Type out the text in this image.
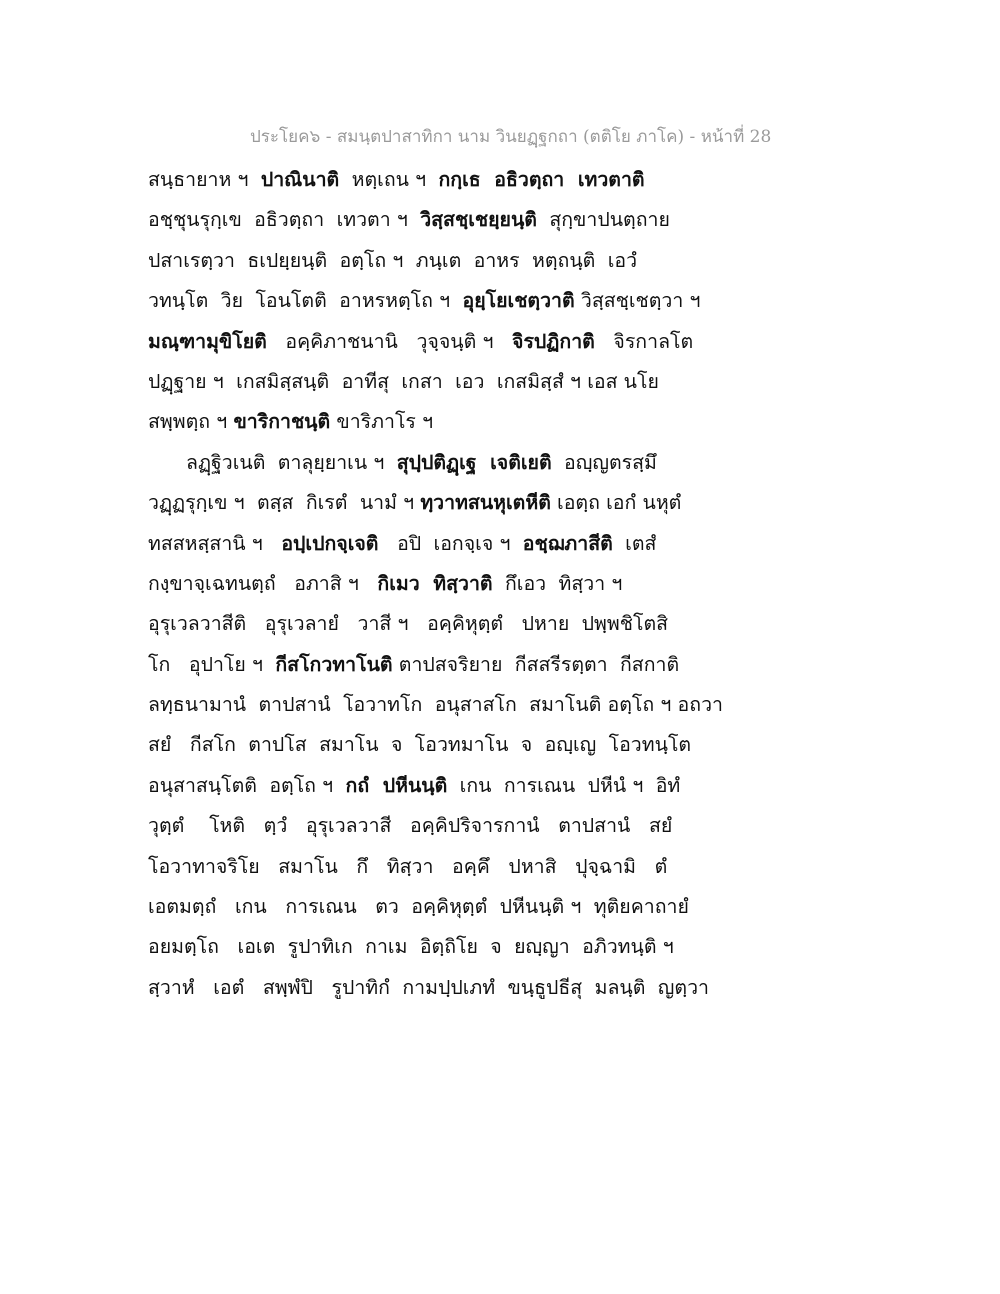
ประโยค๖ - สมนฺตปาสาทิกา นาม วินยฏฺฐกถา (ตติโย ภาโค) - หน้าที่ 28
สนฺธายาห ฯ  ปาณินาติ  หตฺเถน ฯ  กกฺเธ  อธิวตฺถา  เทวตาติ
อชฺชุนรุกฺเข  อธิวตฺถา  เทวตา ฯ  วิสฺสชฺเชยฺยนฺติ  สุกฺขาปนตฺถาย
ปสาเรตฺวา  ธเปยฺยนฺติ  อตฺโถ ฯ  ภนฺเต  อาหร  หตฺถนฺติ  เอวํ
วทนฺโต  วิย  โอนโตติ  อาหรหตฺโถ ฯ  อุยฺโยเชตฺวาติ วิสฺสชฺเชตฺวา ฯ
มณฺฑามุขิโยติ   อคฺคิภาชนานิ   วุจฺจนฺติ ฯ   จิรปฏิกาติ   จิรกาลโต
ปฏฺฐาย ฯ  เกสมิสฺสนฺติ  อาทีสุ  เกสา  เอว  เกสมิสฺสํ ฯ เอส นโย
สพฺพตฺถ ฯ ขาริกาชนฺติ ขาริภาโร ฯ
ลฏฺฐิวเนติ  ตาลุยฺยาเน ฯ  สุปฺปติฏฺเฐ  เจติเยติ  อญฺญตรสฺมึ
วฏฺฏรุกฺเข ฯ  ตสฺส  กิเรตํ  นามํ ฯ ทฺวาทสนหุเตหีติ เอตฺถ เอกํ นหุตํ
ทสสหสฺสานิ ฯ   อปฺเปกจฺเจติ   อปิ  เอกจฺเจ ฯ  อชฺฌภาสีติ  เตสํ
กงฺขาจฺเฉทนตฺถํ   อภาสิ ฯ   กิเมว  ทิสฺวาติ  กึเอว  ทิสฺวา ฯ
อุรุเวลวาสีติ   อุรุเวลายํ   วาสี ฯ   อคฺคิหุตฺตํ   ปหาย  ปพฺพชิโตสิ
โก   อุปาโย ฯ  กีสโกวทาโนติ ตาปสจริยาย  กีสสรีรตฺตา  กีสกาติ
ลทฺธนามานํ  ตาปสานํ  โอวาทโก  อนุสาสโก  สมาโนติ อตฺโถ ฯ อถวา
สยํ   กีสโก  ตาปโส  สมาโน  จ  โอวทมาโน  จ  อญฺเญ  โอวทนฺโต
อนุสาสนฺโตติ  อตฺโถ ฯ  กถํ  ปหีนนฺติ  เกน  การเณน  ปหีนํ ฯ  อิทํ
วุตฺตํ    โหติ   ตฺวํ   อุรุเวลวาสี   อคฺคิปริจารกานํ   ตาปสานํ   สยํ
โอวาทาจริโย   สมาโน   กึ   ทิสฺวา   อคฺคึ   ปหาสิ   ปุจฺฉามิ   ตํ
เอตมตฺถํ   เกน   การเณน   ตว  อคฺคิหุตฺตํ  ปหีนนฺติ ฯ  ทุติยคาถายํ
อยมตฺโถ   เอเต  รูปาทิเก  กาเม  อิตฺถิโย  จ  ยญฺญา  อภิวทนฺติ ฯ
สฺวาหํ   เอตํ   สพฺพํปิ   รูปาทิกํ  กามปฺปเภทํ  ขนฺธูปธีสุ  มลนฺติ  ญตฺวา
